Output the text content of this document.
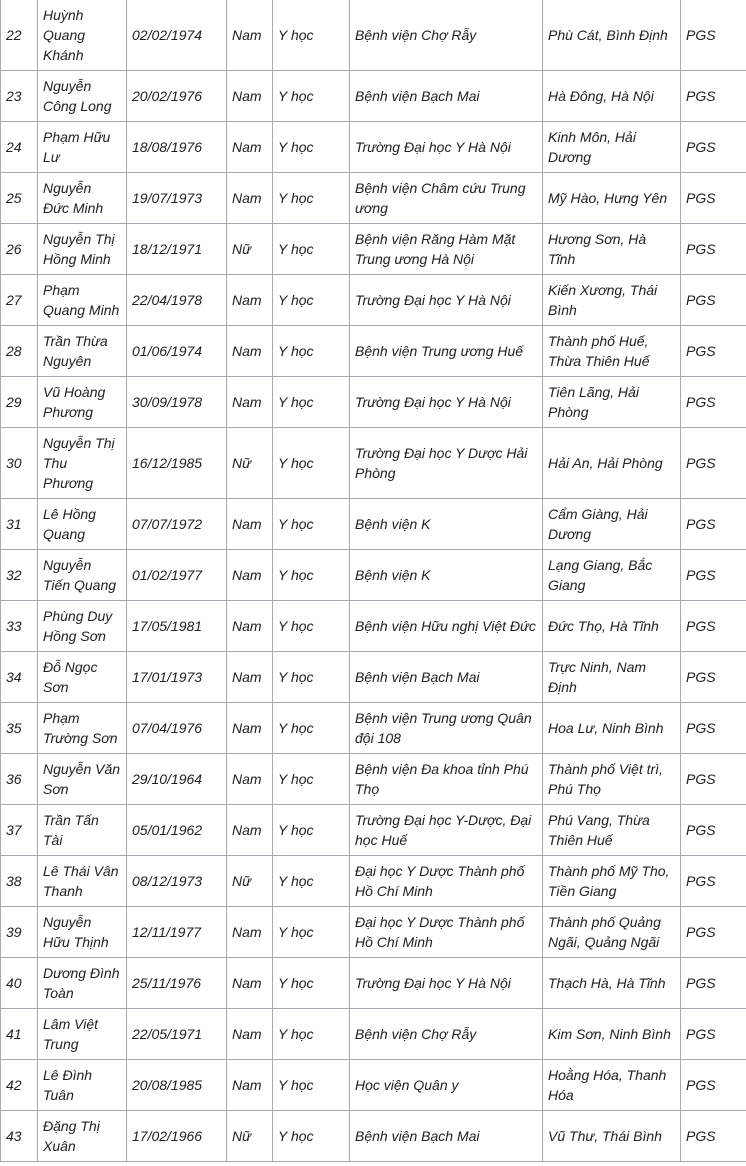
22	Huỳnh Quang Khánh	02/02/1974	Nam	Y học	Bệnh viện Chợ Rẫy	Phù Cát, Bình Định	PGS
23	Nguyễn Công Long	20/02/1976	Nam	Y học	Bệnh viện Bạch Mai	Hà Đông, Hà Nội	PGS
24	Phạm Hữu Lư	18/08/1976	Nam	Y học	Trường Đại học Y Hà Nội	Kinh Môn, Hải Dương	PGS
25	Nguyễn Đức Minh	19/07/1973	Nam	Y học	Bệnh viện Châm cứu Trung ương	Mỹ Hào, Hưng Yên	PGS
26	Nguyễn Thị Hồng Minh	18/12/1971	Nữ	Y học	Bệnh viện Răng Hàm Mặt Trung ương Hà Nội	Hương Sơn, Hà Tĩnh	PGS
27	Phạm Quang Minh	22/04/1978	Nam	Y học	Trường Đại học Y Hà Nội	Kiến Xương, Thái Bình	PGS
28	Trần Thừa Nguyên	01/06/1974	Nam	Y học	Bệnh viện Trung ương Huế	Thành phố Huế, Thừa Thiên Huế	PGS
29	Vũ Hoàng Phương	30/09/1978	Nam	Y học	Trường Đại học Y Hà Nội	Tiên Lãng, Hải Phòng	PGS
30	Nguyễn Thị Thu Phương	16/12/1985	Nữ	Y học	Trường Đại học Y Dược Hải Phòng	Hải An, Hải Phòng	PGS
31	Lê Hồng Quang	07/07/1972	Nam	Y học	Bệnh viện K	Cẩm Giàng, Hải Dương	PGS
32	Nguyễn Tiến Quang	01/02/1977	Nam	Y học	Bệnh viện K	Lạng Giang, Bắc Giang	PGS
33	Phùng Duy Hồng Sơn	17/05/1981	Nam	Y học	Bệnh viện Hữu nghị Việt Đức	Đức Thọ, Hà Tĩnh	PGS
34	Đỗ Ngọc Sơn	17/01/1973	Nam	Y học	Bệnh viện Bạch Mai	Trực Ninh, Nam Định	PGS
35	Phạm Trường Sơn	07/04/1976	Nam	Y học	Bệnh viện Trung ương Quân đội 108	Hoa Lư, Ninh Bình	PGS
36	Nguyễn Văn Sơn	29/10/1964	Nam	Y học	Bệnh viện Đa khoa tỉnh Phú Thọ	Thành phố Việt trì, Phú Thọ	PGS
37	Trần Tấn Tài	05/01/1962	Nam	Y học	Trường Đại học Y-Dược, Đại học Huế	Phú Vang, Thừa Thiên Huế	PGS
38	Lê Thái Vân Thanh	08/12/1973	Nữ	Y học	Đại học Y Dược Thành phố Hồ Chí Minh	Thành phố Mỹ Tho, Tiền Giang	PGS
39	Nguyễn Hữu Thịnh	12/11/1977	Nam	Y học	Đại học Y Dược Thành phố Hồ Chí Minh	Thành phố Quảng Ngãi, Quảng Ngãi	PGS
40	Dương Đình Toàn	25/11/1976	Nam	Y học	Trường Đại học Y Hà Nội	Thạch Hà, Hà Tĩnh	PGS
41	Lâm Việt Trung	22/05/1971	Nam	Y học	Bệnh viện Chợ Rẫy	Kim Sơn, Ninh Bình	PGS
42	Lê Đình Tuân	20/08/1985	Nam	Y học	Học viện Quân y	Hoằng Hóa, Thanh Hóa	PGS
43	Đặng Thị Xuân	17/02/1966	Nữ	Y học	Bệnh viện Bạch Mai	Vũ Thư, Thái Bình	PGS
